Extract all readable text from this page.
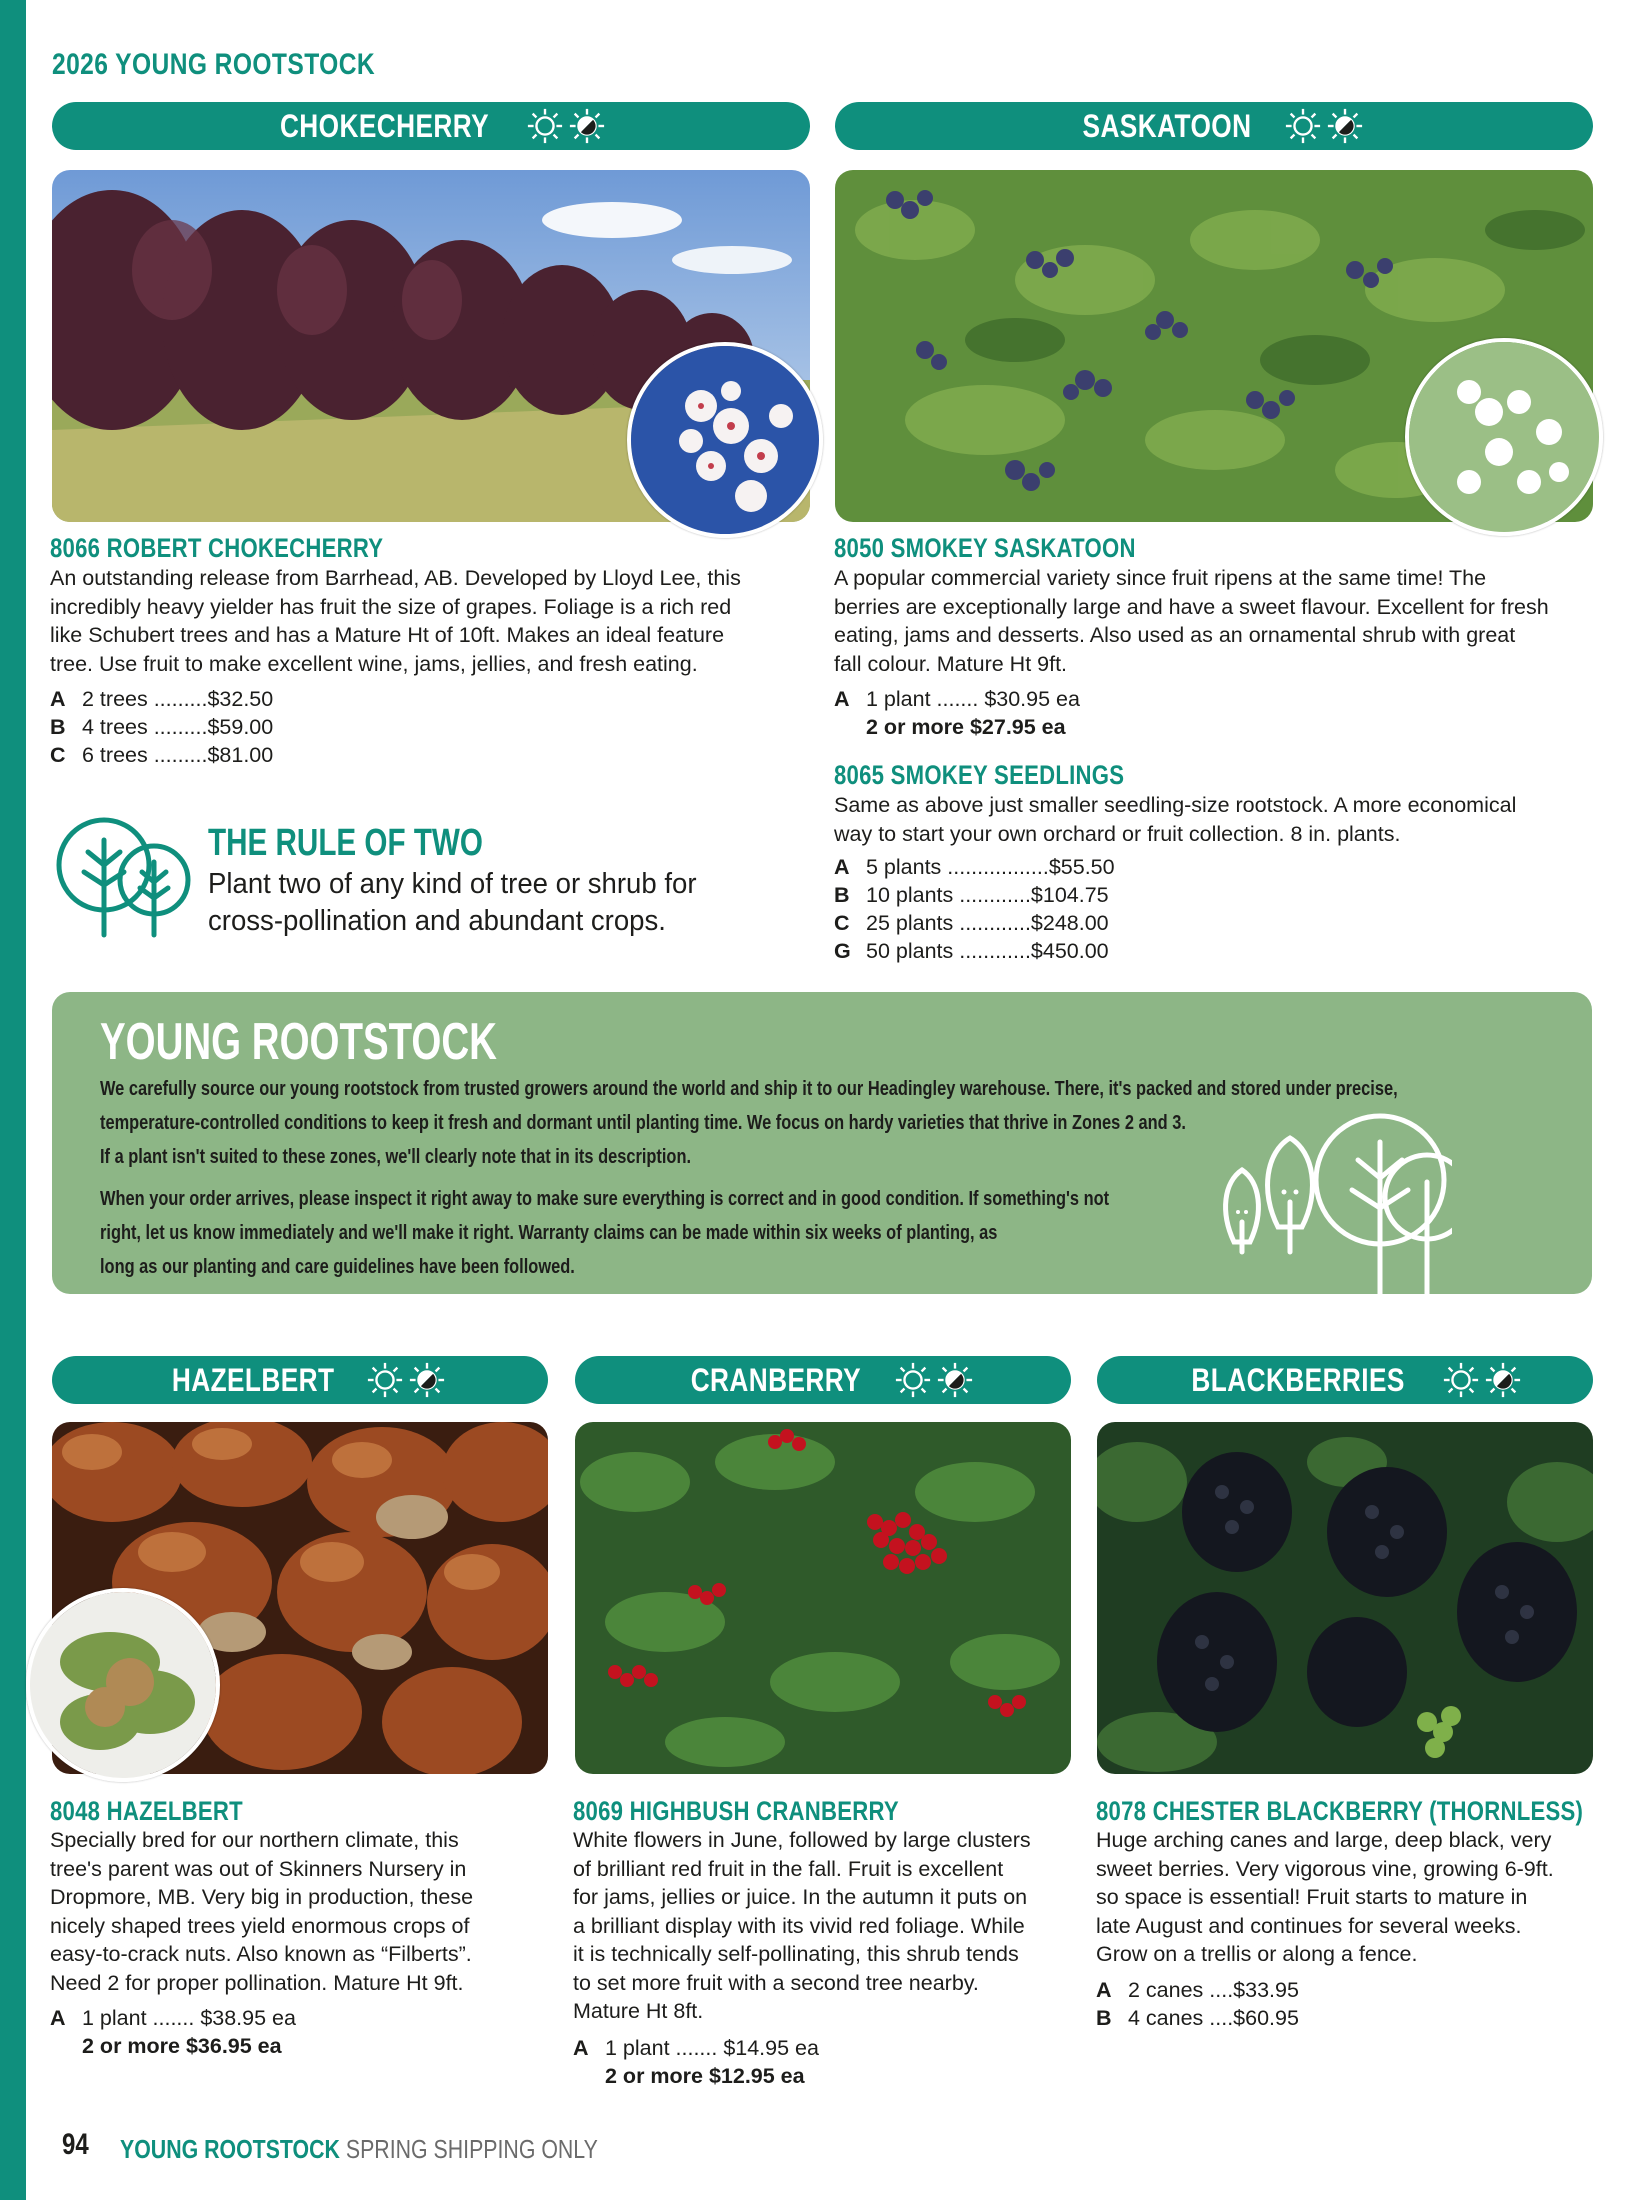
2026 YOUNG ROOTSTOCK
CHOKECHERRY
8066 ROBERT CHOKECHERRY
An outstanding release from Barrhead, AB. Developed by Lloyd Lee, this
incredibly heavy yielder has fruit the size of grapes. Foliage is a rich red
like Schubert trees and has a Mature Ht of 10ft. Makes an ideal feature
tree. Use fruit to make excellent wine, jams, jellies, and fresh eating.
A 2 trees .........$32.50
B 4 trees .........$59.00
C 6 trees .........$81.00
SASKATOON
8050 SMOKEY SASKATOON
A popular commercial variety since fruit ripens at the same time! The
berries are exceptionally large and have a sweet flavour. Excellent for fresh
eating, jams and desserts. Also used as an ornamental shrub with great
fall colour. Mature Ht 9ft.
A 1 plant ....... $30.95 ea
2 or more $27.95 ea
8065 SMOKEY SEEDLINGS
Same as above just smaller seedling-size rootstock. A more economical
way to start your own orchard or fruit collection. 8 in. plants.
A 5 plants .................$55.50
B 10 plants ............$104.75
C 25 plants ............$248.00
G 50 plants ............$450.00
THE RULE OF TWO
Plant two of any kind of tree or shrub for
cross-pollination and abundant crops.
YOUNG ROOTSTOCK
We carefully source our young rootstock from trusted growers around the world and ship it to our Headingley warehouse. There, it's packed and stored under precise,
temperature-controlled conditions to keep it fresh and dormant until planting time. We focus on hardy varieties that thrive in Zones 2 and 3.
If a plant isn't suited to these zones, we'll clearly note that in its description.
When your order arrives, please inspect it right away to make sure everything is correct and in good condition. If something's not
right, let us know immediately and we'll make it right. Warranty claims can be made within six weeks of planting, as
long as our planting and care guidelines have been followed.
HAZELBERT
8048 HAZELBERT
Specially bred for our northern climate, this
tree's parent was out of Skinners Nursery in
Dropmore, MB. Very big in production, these
nicely shaped trees yield enormous crops of
easy-to-crack nuts. Also known as “Filberts”.
Need 2 for proper pollination. Mature Ht 9ft.
A 1 plant ....... $38.95 ea
2 or more $36.95 ea
CRANBERRY
8069 HIGHBUSH CRANBERRY
White flowers in June, followed by large clusters
of brilliant red fruit in the fall. Fruit is excellent
for jams, jellies or juice. In the autumn it puts on
a brilliant display with its vivid red foliage. While
it is technically self-pollinating, this shrub tends
to set more fruit with a second tree nearby.
Mature Ht 8ft.
A 1 plant ....... $14.95 ea
2 or more $12.95 ea
BLACKBERRIES
8078 CHESTER BLACKBERRY (THORNLESS)
Huge arching canes and large, deep black, very
sweet berries. Very vigorous vine, growing 6-9ft.
so space is essential! Fruit starts to mature in
late August and continues for several weeks.
Grow on a trellis or along a fence.
A 2 canes ....$33.95
B 4 canes ....$60.95
94 YOUNG ROOTSTOCK SPRING SHIPPING ONLY
